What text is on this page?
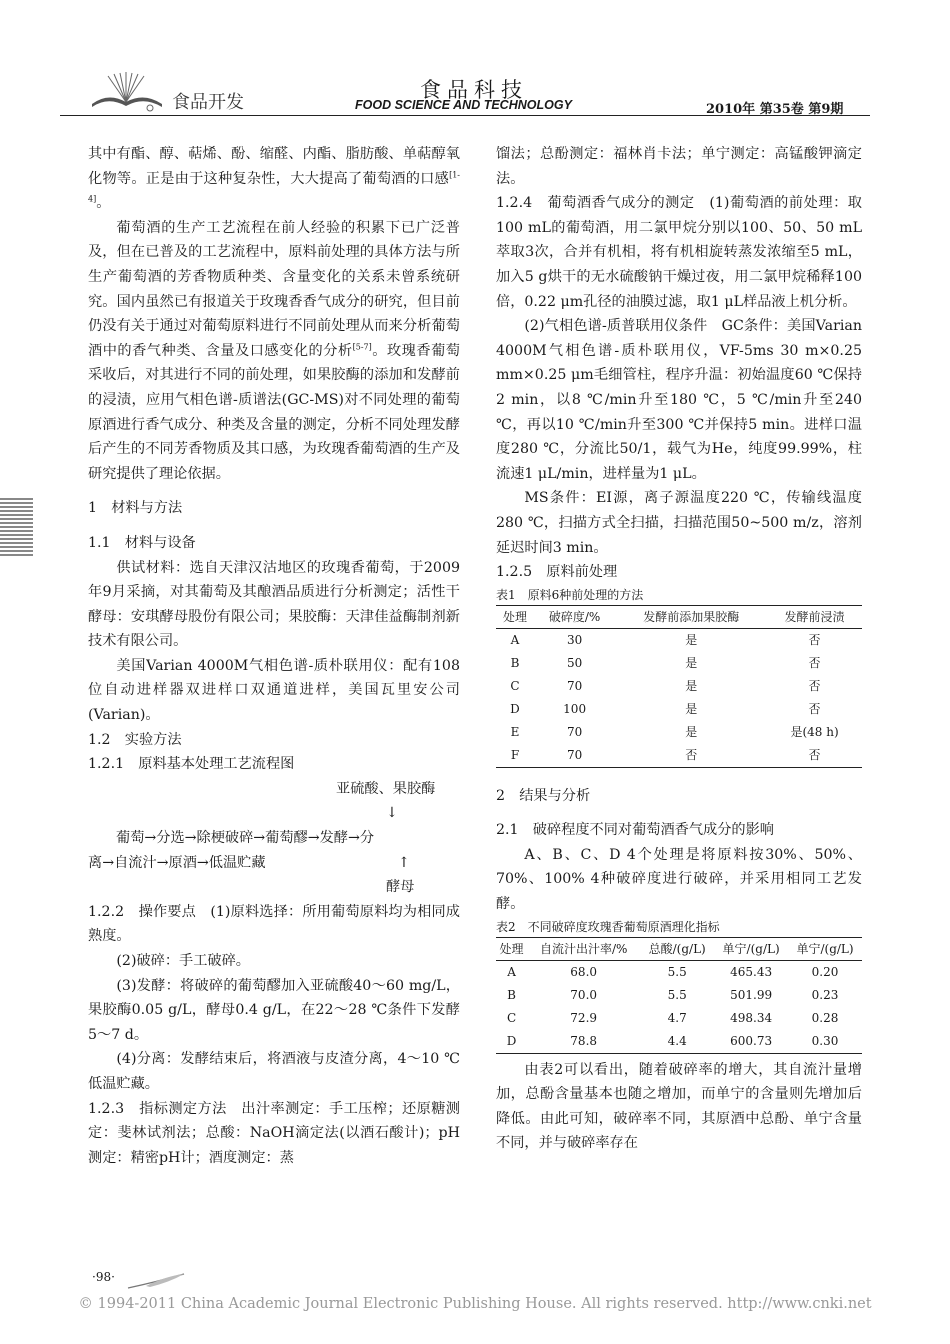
食品开发
食品科技
FOOD SCIENCE AND TECHNOLOGY	2010年 第35卷 第9期

其中有酯、醇、萜烯、酚、缩醛、内酯、脂肪酸、单萜醇氧化物等。正是由于这种复杂性，大大提高了葡萄酒的口感[1-4]。

葡萄酒的生产工艺流程在前人经验的积累下已广泛普及，但在已普及的工艺流程中，原料前处理的具体方法与所生产葡萄酒的芳香物质种类、含量变化的关系未曾系统研究。国内虽然已有报道关于玫瑰香香气成分的研究，但目前仍没有关于通过对葡萄原料进行不同前处理从而来分析葡萄酒中的香气种类、含量及口感变化的分析[5-7]。玫瑰香葡萄采收后，对其进行不同的前处理，如果胶酶的添加和发酵前的浸渍，应用气相色谱-质谱法(GC-MS)对不同处理的葡萄原酒进行香气成分、种类及含量的测定，分析不同处理发酵后产生的不同芳香物质及其口感，为玫瑰香葡萄酒的生产及研究提供了理论依据。

1　材料与方法

1.1　材料与设备

供试材料：选自天津汉沽地区的玫瑰香葡萄，于2009年9月采摘，对其葡萄及其酿酒品质进行分析测定；活性干酵母：安琪酵母股份有限公司；果胶酶：天津佳益酶制剂新技术有限公司。

美国Varian 4000M气相色谱-质朴联用仪：配有108位自动进样器双进样口双通道进样，美国瓦里安公司(Varian)。

1.2　实验方法

1.2.1　原料基本处理工艺流程图

亚硫酸、果胶酶
↓
葡萄→分选→除梗破碎→葡萄醪→发酵→分
离→自流汁→原酒→低温贮藏	↑
酵母

1.2.2　操作要点　(1)原料选择：所用葡萄原料均为相同成熟度。

(2)破碎：手工破碎。

(3)发酵：将破碎的葡萄醪加入亚硫酸40～60 mg/L，果胶酶0.05 g/L，酵母0.4 g/L，在22～28 ℃条件下发酵5～7 d。

(4)分离：发酵结束后，将酒液与皮渣分离，4～10 ℃低温贮藏。

1.2.3　指标测定方法　出汁率测定：手工压榨；还原糖测定：斐林试剂法；总酸：NaOH滴定法(以酒石酸计)；pH测定：精密pH计；酒度测定：蒸

馏法；总酚测定：福林肖卡法；单宁测定：高锰酸钾滴定法。

1.2.4　葡萄酒香气成分的测定　(1)葡萄酒的前处理：取100 mL的葡萄酒，用二氯甲烷分别以100、50、50 mL萃取3次，合并有机相，将有机相旋转蒸发浓缩至5 mL，加入5 g烘干的无水硫酸钠干燥过夜，用二氯甲烷稀释100倍，0.22 μm孔径的油膜过滤，取1 μL样品液上机分析。

(2)气相色谱-质普联用仪条件　GC条件：美国Varian 4000M气相色谱-质朴联用仪，VF-5ms 30 m×0.25 mm×0.25 μm毛细管柱，程序升温：初始温度60 ℃保持2 min，以8 ℃/min升至180 ℃，5 ℃/min升至240 ℃，再以10 ℃/min升至300 ℃并保持5 min。进样口温度280 ℃，分流比50/1，载气为He，纯度99.99%，柱流速1 μL/min，进样量为1 μL。

MS条件：EI源，离子源温度220 ℃，传输线温度280 ℃，扫描方式全扫描，扫描范围50~500 m/z，溶剂延迟时间3 min。

1.2.5　原料前处理

表1　原料6种前处理的方法

处理	破碎度/%	发酵前添加果胶酶	发酵前浸渍
A	30	是	否
B	50	是	否
C	70	是	否
D	100	是	否
E	70	是	是(48 h)
F	70	否	否

2　结果与分析

2.1　破碎程度不同对葡萄酒香气成分的影响

A、B、C、D 4个处理是将原料按30%、50%、70%、100% 4种破碎度进行破碎，并采用相同工艺发酵。

表2　不同破碎度玫瑰香葡萄原酒理化指标

处理	自流汁出汁率/%	总酸/(g/L)	单宁/(g/L)	单宁/(g/L)
A	68.0	5.5	465.43	0.20
B	70.0	5.5	501.99	0.23
C	72.9	4.7	498.34	0.28
D	78.8	4.4	600.73	0.30

由表2可以看出，随着破碎率的增大，其自流汁量增加，总酚含量基本也随之增加，而单宁的含量则先增加后降低。由此可知，破碎率不同，其原酒中总酚、单宁含量不同，并与破碎率存在

·98·
© 1994-2011 China Academic Journal Electronic Publishing House. All rights reserved. http://www.cnki.net
